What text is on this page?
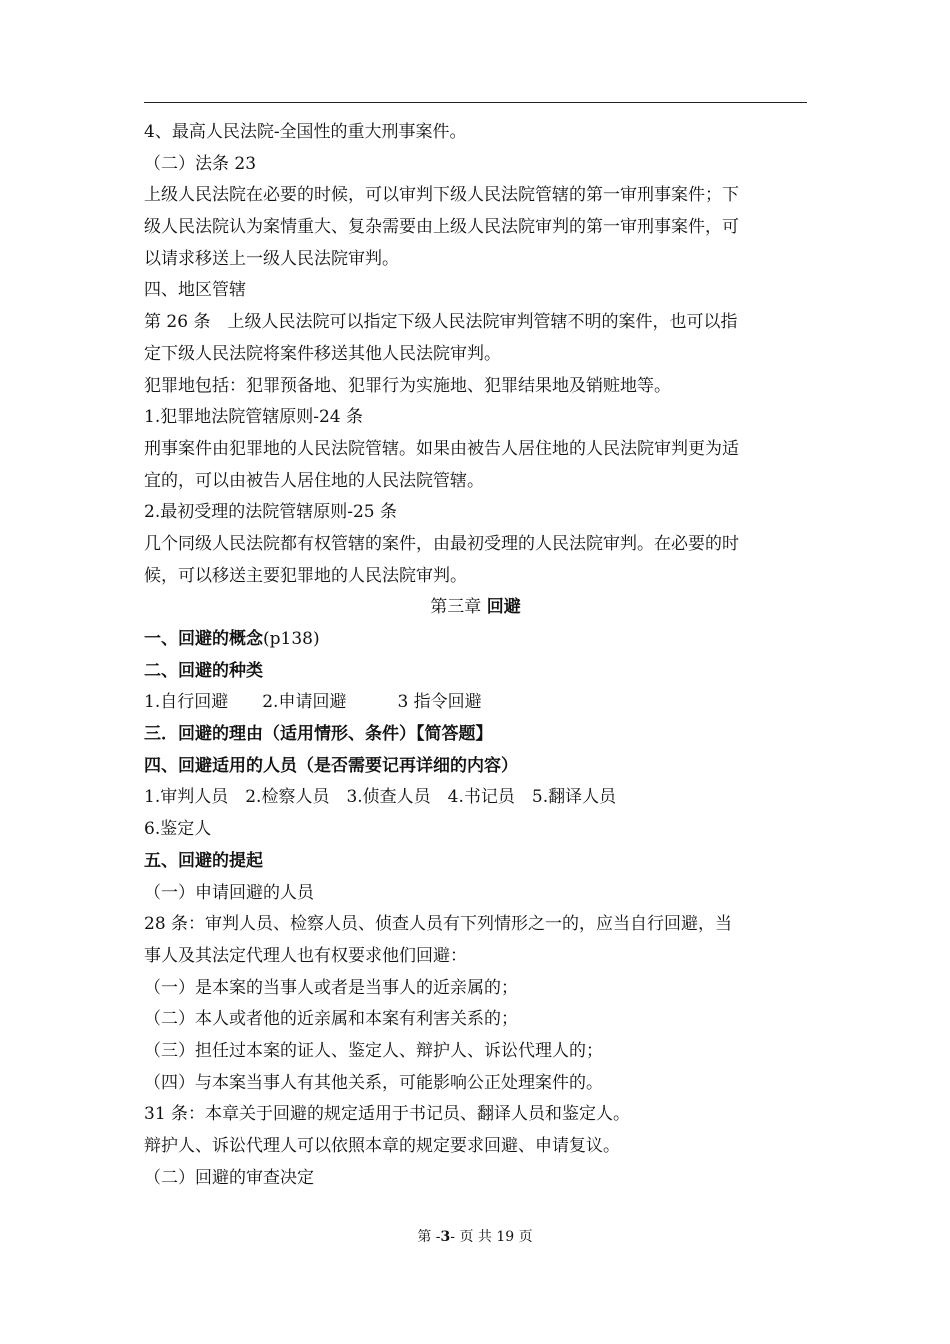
4、最高人民法院-全国性的重大刑事案件。
（二）法条 23
上级人民法院在必要的时候，可以审判下级人民法院管辖的第一审刑事案件；下
级人民法院认为案情重大、复杂需要由上级人民法院审判的第一审刑事案件，可
以请求移送上一级人民法院审判。
四、地区管辖
第 26 条　上级人民法院可以指定下级人民法院审判管辖不明的案件，也可以指
定下级人民法院将案件移送其他人民法院审判。
犯罪地包括：犯罪预备地、犯罪行为实施地、犯罪结果地及销赃地等。
1.犯罪地法院管辖原则-24 条
刑事案件由犯罪地的人民法院管辖。如果由被告人居住地的人民法院审判更为适
宜的，可以由被告人居住地的人民法院管辖。
2.最初受理的法院管辖原则-25 条
几个同级人民法院都有权管辖的案件，由最初受理的人民法院审判。在必要的时
候，可以移送主要犯罪地的人民法院审判。
第三章 回避
一、回避的概念(p138)
二、回避的种类
1.自行回避　　2.申请回避　　　3 指令回避
三．回避的理由（适用情形、条件）【简答题】
四、回避适用的人员（是否需要记再详细的内容）
1.审判人员　2.检察人员　3.侦查人员　4.书记员　5.翻译人员
6.鉴定人
五、回避的提起
（一）申请回避的人员
28 条：审判人员、检察人员、侦查人员有下列情形之一的，应当自行回避，当
事人及其法定代理人也有权要求他们回避：
（一）是本案的当事人或者是当事人的近亲属的；
（二）本人或者他的近亲属和本案有利害关系的；
（三）担任过本案的证人、鉴定人、辩护人、诉讼代理人的；
（四）与本案当事人有其他关系，可能影响公正处理案件的。
31 条：本章关于回避的规定适用于书记员、翻译人员和鉴定人。
辩护人、诉讼代理人可以依照本章的规定要求回避、申请复议。
（二）回避的审查决定
第 -3- 页 共 19 页
